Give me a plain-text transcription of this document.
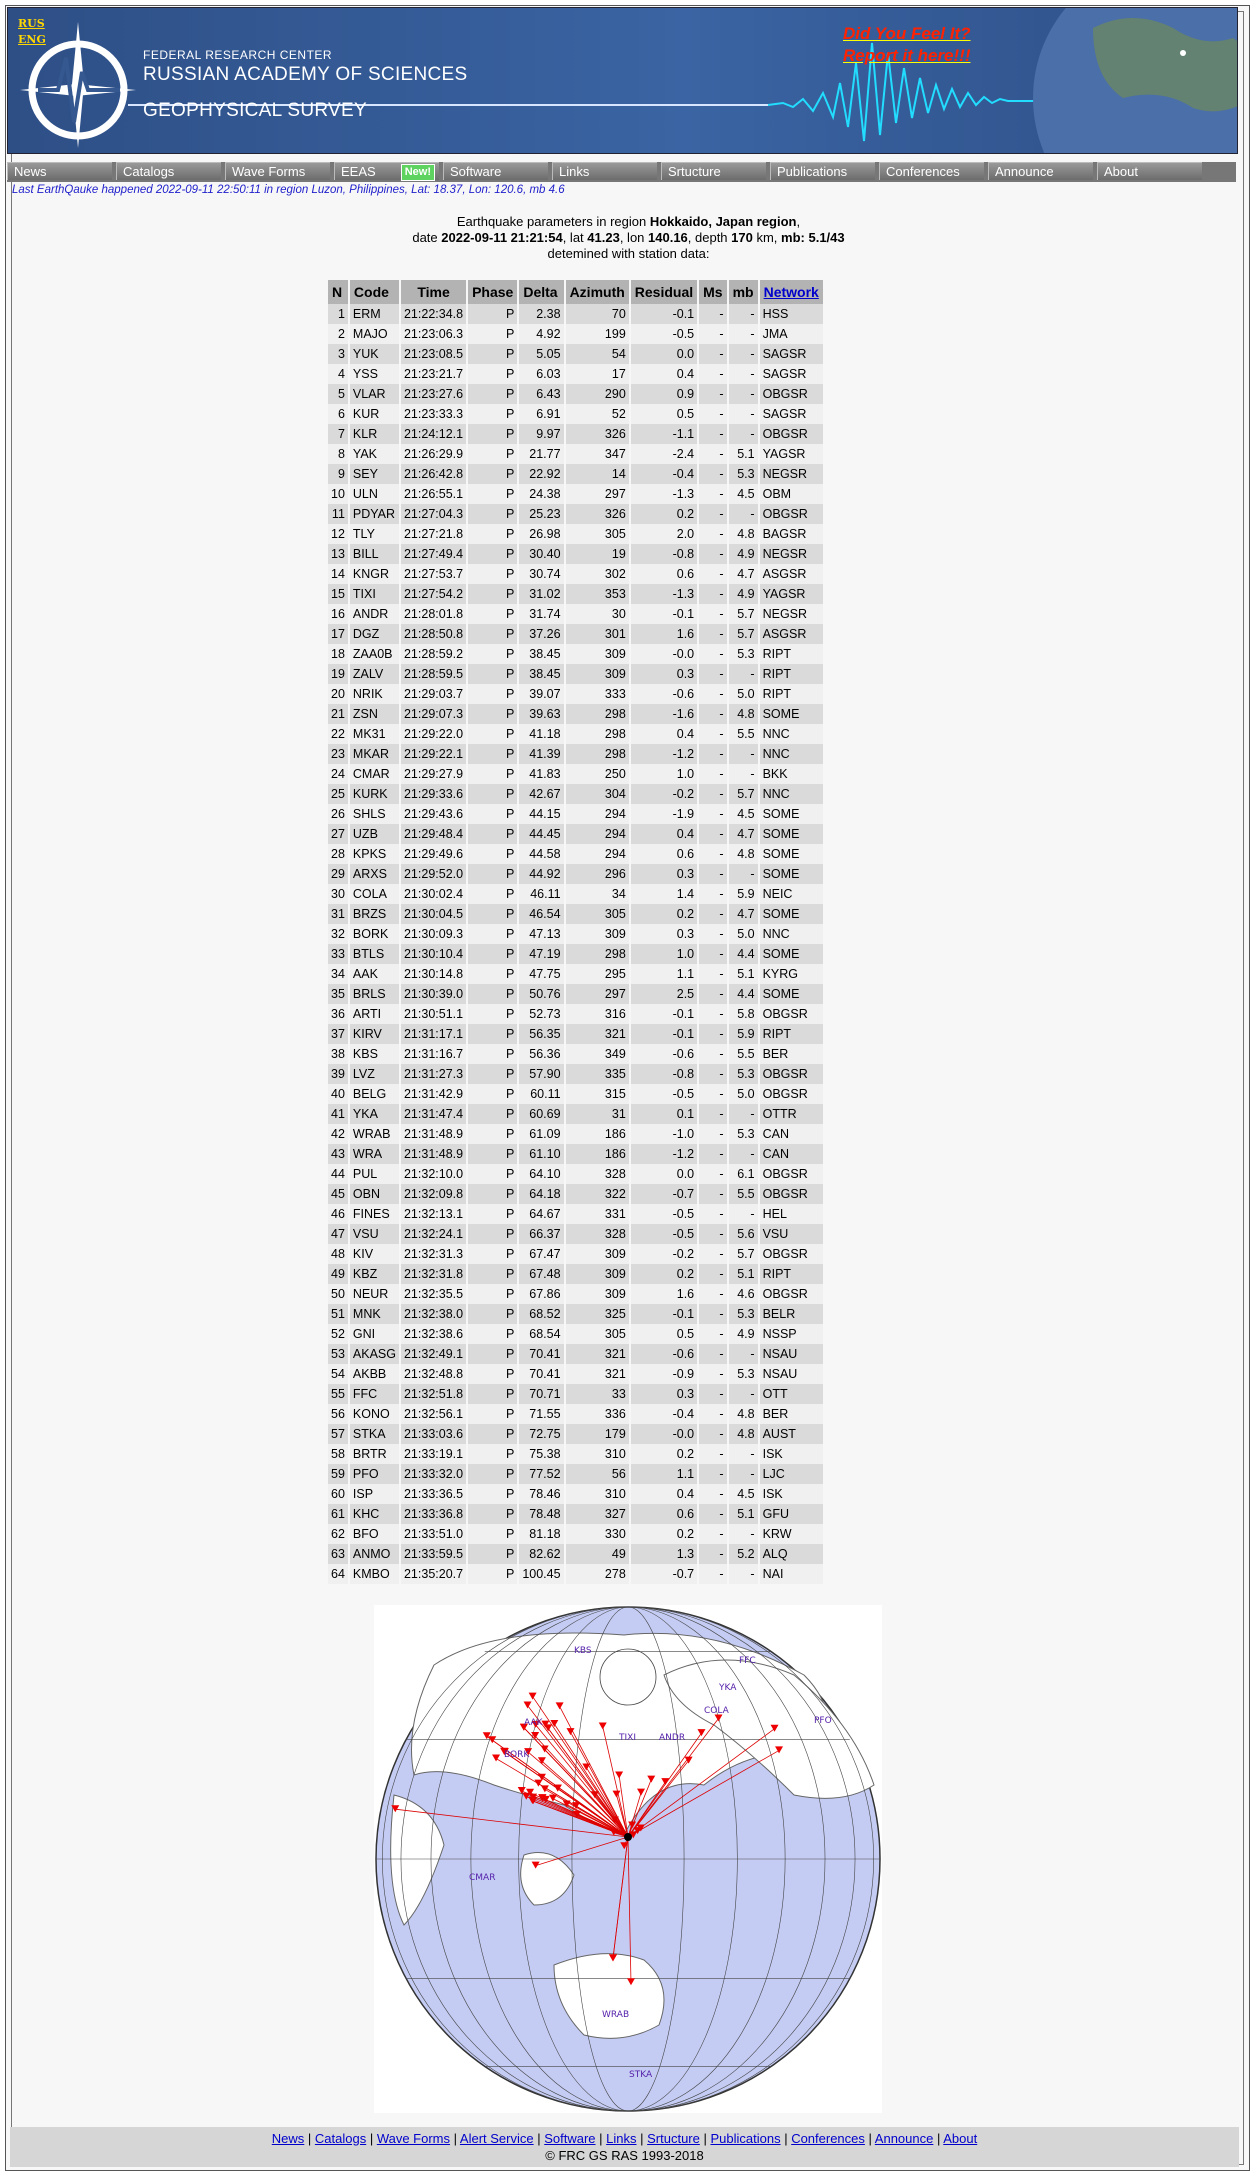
RUS
ENG
FEDERAL RESEARCH CENTER
RUSSIAN ACADEMY OF SCIENCES
GEOPHYSICAL SURVEY
Did You Feel It?
Report it here!!!
News	Catalogs	Wave Forms	EEAS	New!	Software	Links	Srtucture	Publications	Conferences	Announce	About
Last EarthQauke happened 2022-09-11 22:50:11 in region Luzon, Philippines, Lat: 18.37, Lon: 120.6, mb 4.6
Earthquake parameters in region Hokkaido, Japan region,
date 2022-09-11 21:21:54, lat 41.23, lon 140.16, depth 170 km, mb: 5.1/43
detemined with station data:
N	Code	Time	Phase	Delta	Azimuth	Residual	Ms	mb	Network
1	ERM	21:22:34.8	P	2.38	70	-0.1	-	-	HSS
2	MAJO	21:23:06.3	P	4.92	199	-0.5	-	-	JMA
3	YUK	21:23:08.5	P	5.05	54	0.0	-	-	SAGSR
4	YSS	21:23:21.7	P	6.03	17	0.4	-	-	SAGSR
5	VLAR	21:23:27.6	P	6.43	290	0.9	-	-	OBGSR
6	KUR	21:23:33.3	P	6.91	52	0.5	-	-	SAGSR
7	KLR	21:24:12.1	P	9.97	326	-1.1	-	-	OBGSR
8	YAK	21:26:29.9	P	21.77	347	-2.4	-	5.1	YAGSR
9	SEY	21:26:42.8	P	22.92	14	-0.4	-	5.3	NEGSR
10	ULN	21:26:55.1	P	24.38	297	-1.3	-	4.5	OBM
11	PDYAR	21:27:04.3	P	25.23	326	0.2	-	-	OBGSR
12	TLY	21:27:21.8	P	26.98	305	2.0	-	4.8	BAGSR
13	BILL	21:27:49.4	P	30.40	19	-0.8	-	4.9	NEGSR
14	KNGR	21:27:53.7	P	30.74	302	0.6	-	4.7	ASGSR
15	TIXI	21:27:54.2	P	31.02	353	-1.3	-	4.9	YAGSR
16	ANDR	21:28:01.8	P	31.74	30	-0.1	-	5.7	NEGSR
17	DGZ	21:28:50.8	P	37.26	301	1.6	-	5.7	ASGSR
18	ZAA0B	21:28:59.2	P	38.45	309	-0.0	-	5.3	RIPT
19	ZALV	21:28:59.5	P	38.45	309	0.3	-	-	RIPT
20	NRIK	21:29:03.7	P	39.07	333	-0.6	-	5.0	RIPT
21	ZSN	21:29:07.3	P	39.63	298	-1.6	-	4.8	SOME
22	MK31	21:29:22.0	P	41.18	298	0.4	-	5.5	NNC
23	MKAR	21:29:22.1	P	41.39	298	-1.2	-	-	NNC
24	CMAR	21:29:27.9	P	41.83	250	1.0	-	-	BKK
25	KURK	21:29:33.6	P	42.67	304	-0.2	-	5.7	NNC
26	SHLS	21:29:43.6	P	44.15	294	-1.9	-	4.5	SOME
27	UZB	21:29:48.4	P	44.45	294	0.4	-	4.7	SOME
28	KPKS	21:29:49.6	P	44.58	294	0.6	-	4.8	SOME
29	ARXS	21:29:52.0	P	44.92	296	0.3	-	-	SOME
30	COLA	21:30:02.4	P	46.11	34	1.4	-	5.9	NEIC
31	BRZS	21:30:04.5	P	46.54	305	0.2	-	4.7	SOME
32	BORK	21:30:09.3	P	47.13	309	0.3	-	5.0	NNC
33	BTLS	21:30:10.4	P	47.19	298	1.0	-	4.4	SOME
34	AAK	21:30:14.8	P	47.75	295	1.1	-	5.1	KYRG
35	BRLS	21:30:39.0	P	50.76	297	2.5	-	4.4	SOME
36	ARTI	21:30:51.1	P	52.73	316	-0.1	-	5.8	OBGSR
37	KIRV	21:31:17.1	P	56.35	321	-0.1	-	5.9	RIPT
38	KBS	21:31:16.7	P	56.36	349	-0.6	-	5.5	BER
39	LVZ	21:31:27.3	P	57.90	335	-0.8	-	5.3	OBGSR
40	BELG	21:31:42.9	P	60.11	315	-0.5	-	5.0	OBGSR
41	YKA	21:31:47.4	P	60.69	31	0.1	-	-	OTTR
42	WRAB	21:31:48.9	P	61.09	186	-1.0	-	5.3	CAN
43	WRA	21:31:48.9	P	61.10	186	-1.2	-	-	CAN
44	PUL	21:32:10.0	P	64.10	328	0.0	-	6.1	OBGSR
45	OBN	21:32:09.8	P	64.18	322	-0.7	-	5.5	OBGSR
46	FINES	21:32:13.1	P	64.67	331	-0.5	-	-	HEL
47	VSU	21:32:24.1	P	66.37	328	-0.5	-	5.6	VSU
48	KIV	21:32:31.3	P	67.47	309	-0.2	-	5.7	OBGSR
49	KBZ	21:32:31.8	P	67.48	309	0.2	-	5.1	RIPT
50	NEUR	21:32:35.5	P	67.86	309	1.6	-	4.6	OBGSR
51	MNK	21:32:38.0	P	68.52	325	-0.1	-	5.3	BELR
52	GNI	21:32:38.6	P	68.54	305	0.5	-	4.9	NSSP
53	AKASG	21:32:49.1	P	70.41	321	-0.6	-	-	NSAU
54	AKBB	21:32:48.8	P	70.41	321	-0.9	-	5.3	NSAU
55	FFC	21:32:51.8	P	70.71	33	0.3	-	-	OTT
56	KONO	21:32:56.1	P	71.55	336	-0.4	-	4.8	BER
57	STKA	21:33:03.6	P	72.75	179	-0.0	-	4.8	AUST
58	BRTR	21:33:19.1	P	75.38	310	0.2	-	-	ISK
59	PFO	21:33:32.0	P	77.52	56	1.1	-	-	LJC
60	ISP	21:33:36.5	P	78.46	310	0.4	-	4.5	ISK
61	KHC	21:33:36.8	P	78.48	327	0.6	-	5.1	GFU
62	BFO	21:33:51.0	P	81.18	330	0.2	-	-	KRW
63	ANMO	21:33:59.5	P	82.62	49	1.3	-	5.2	ALQ
64	KMBO	21:35:20.7	P	100.45	278	-0.7	-	-	NAI
CMAR
WRAB
STKA
COLA
FFC
YKA
TIXI	ANDR
BORK
AAK
KBS
PFO
News | Catalogs | Wave Forms | Alert Service | Software | Links | Srtucture | Publications | Conferences | Announce | About
© FRC GS RAS 1993-2018
